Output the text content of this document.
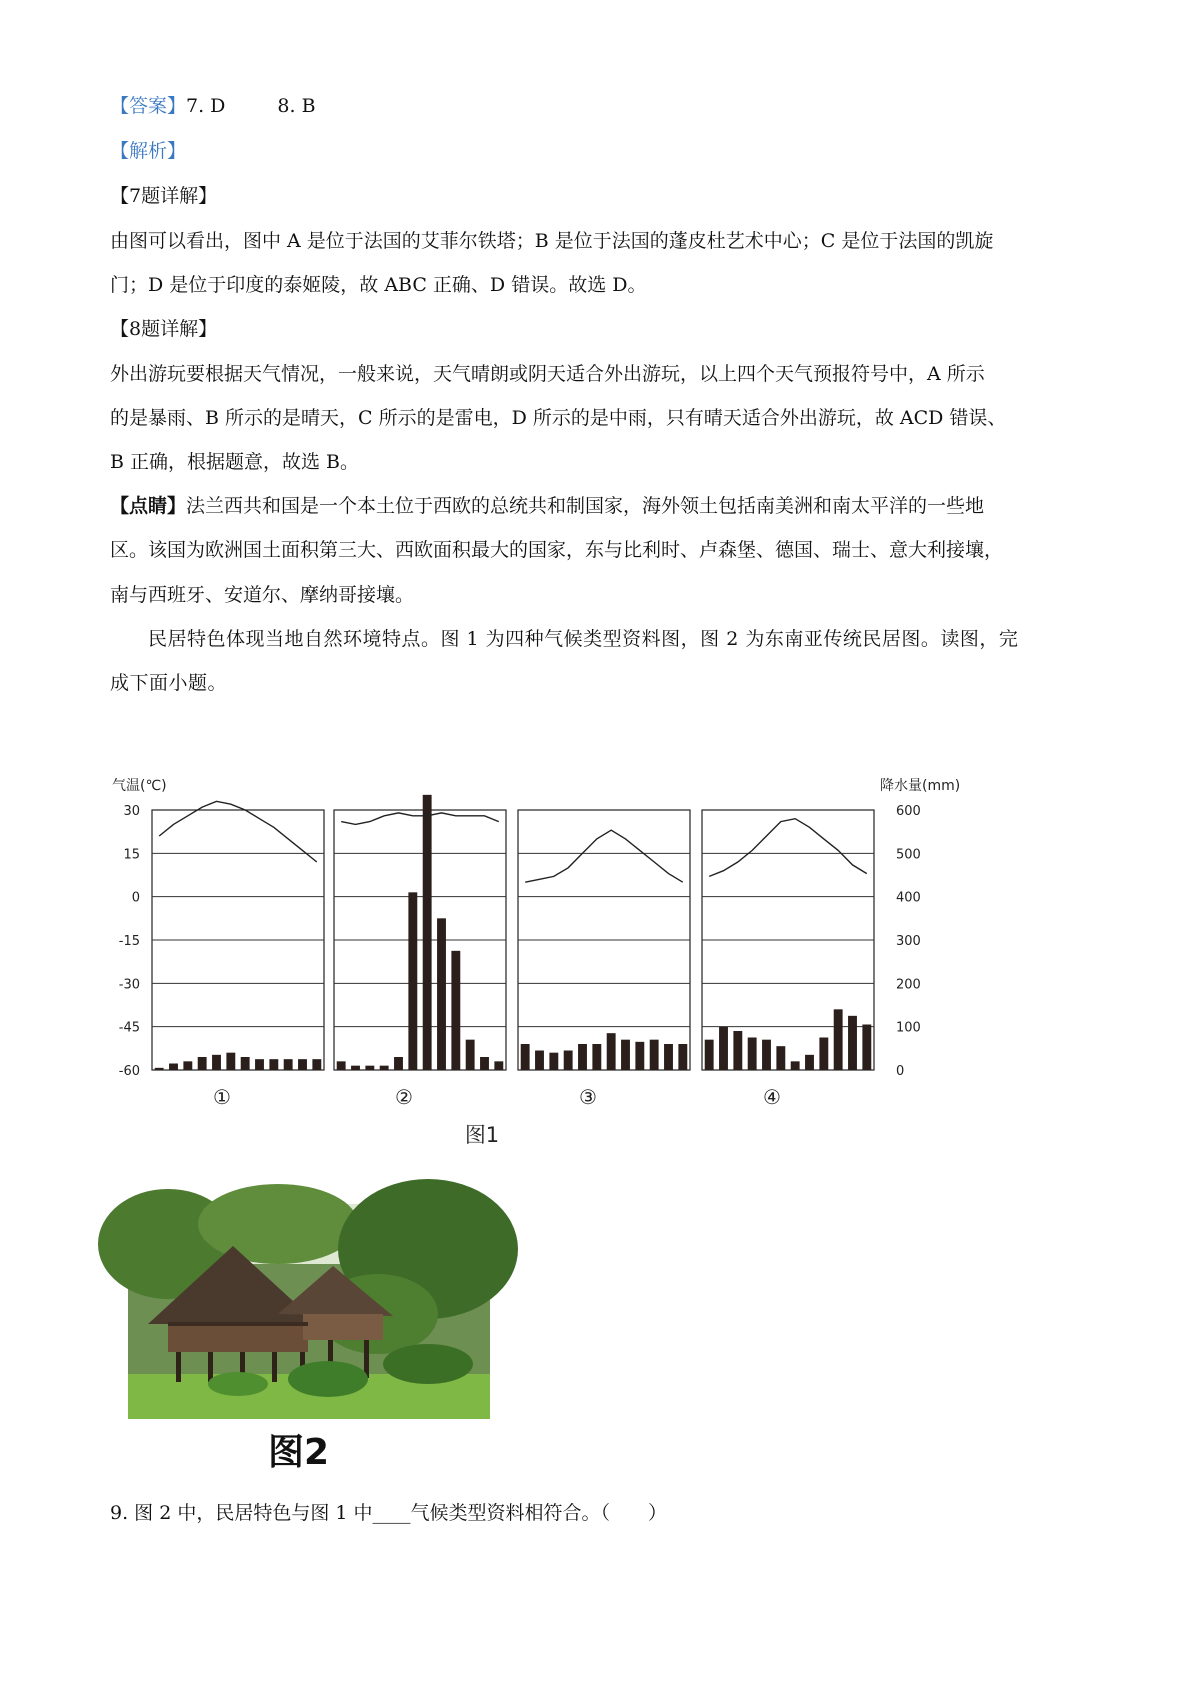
【答案】7. D	8. B
【解析】
【7题详解】
由图可以看出，图中 A 是位于法国的艾菲尔铁塔；B 是位于法国的蓬皮杜艺术中心；C 是位于法国的凯旋
门；D 是位于印度的泰姬陵，故 ABC 正确、D 错误。故选 D。
【8题详解】
外出游玩要根据天气情况，一般来说，天气晴朗或阴天适合外出游玩，以上四个天气预报符号中，A 所示
的是暴雨、B 所示的是晴天，C 所示的是雷电，D 所示的是中雨，只有晴天适合外出游玩，故 ACD 错误、
B 正确，根据题意，故选 B。
【点睛】法兰西共和国是一个本土位于西欧的总统共和制国家，海外领土包括南美洲和南太平洋的一些地
区。该国为欧洲国土面积第三大、西欧面积最大的国家，东与比利时、卢森堡、德国、瑞士、意大利接壤，
南与西班牙、安道尔、摩纳哥接壤。
民居特色体现当地自然环境特点。图 1 为四种气候类型资料图，图 2 为东南亚传统民居图。读图，完
成下面小题。
气温(℃)	降水量(mm)
30
15
0
-15
-30
-45
-60
600
500
400
300
200
100
0
①	②	③	④
图1
图2
9. 图 2 中，民居特色与图 1 中____气候类型资料相符合。（　　）
